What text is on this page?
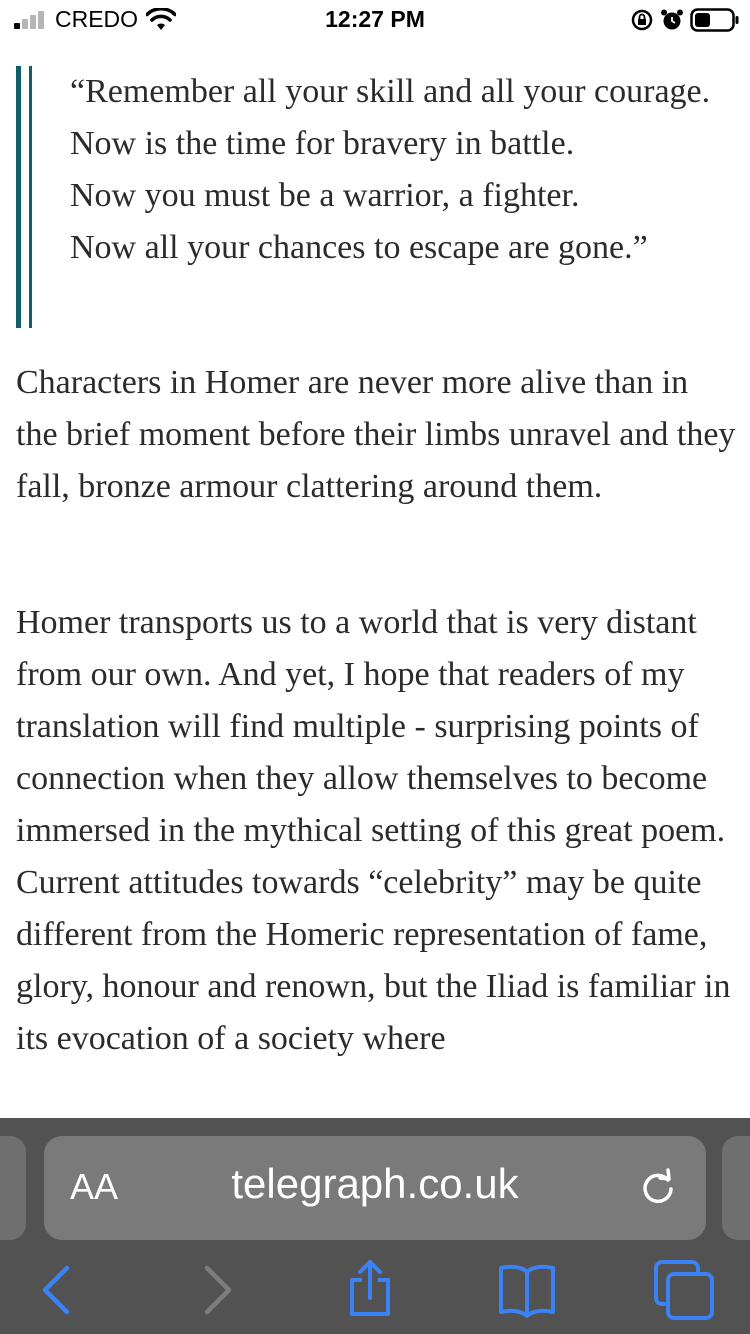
CREDO	12:27 PM
“Remember all your skill and all your courage.
Now is the time for bravery in battle.
Now you must be a warrior, a fighter.
Now all your chances to escape are gone.”

Characters in Homer are never more alive than in the brief moment before their limbs unravel and they fall, bronze armour clattering around them.

Homer transports us to a world that is very distant from our own. And yet, I hope that readers of my translation will find multiple - surprising points of connection when they allow themselves to become immersed in the mythical setting of this great poem. Current attitudes towards “celebrity” may be quite different from the Homeric representation of fame, glory, honour and renown, but the Iliad is familiar in its evocation of a society where

AA	telegraph.co.uk
